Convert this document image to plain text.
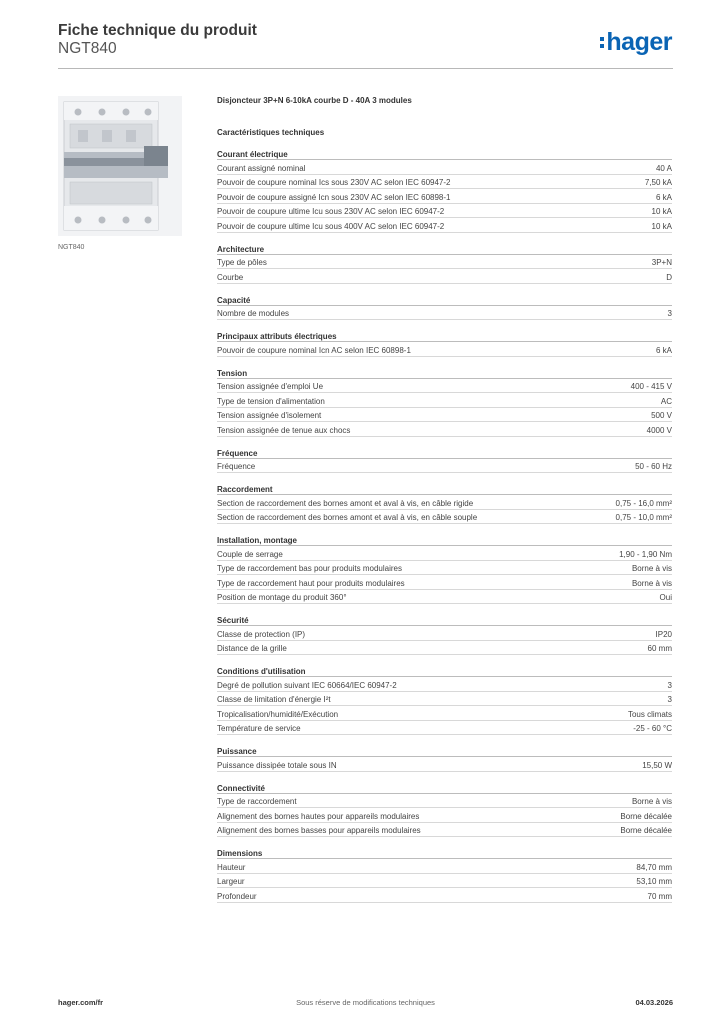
Fiche technique du produit
NGT840	hager
NGT840
Disjoncteur 3P+N 6-10kA courbe D - 40A 3 modules
Caractéristiques techniques
Courant électrique
Courant assigné nominal	40 A
Pouvoir de coupure nominal Ics sous 230V AC selon IEC 60947-2	7,50 kA
Pouvoir de coupure assigné Icn sous 230V AC selon IEC 60898-1	6 kA
Pouvoir de coupure ultime Icu sous 230V AC selon IEC 60947-2	10 kA
Pouvoir de coupure ultime Icu sous 400V AC selon IEC 60947-2	10 kA
Architecture
Type de pôles	3P+N
Courbe	D
Capacité
Nombre de modules	3
Principaux attributs électriques
Pouvoir de coupure nominal Icn AC selon IEC 60898-1	6 kA
Tension
Tension assignée d'emploi Ue	400 - 415 V
Type de tension d'alimentation	AC
Tension assignée d'isolement	500 V
Tension assignée de tenue aux chocs	4000 V
Fréquence
Fréquence	50 - 60 Hz
Raccordement
Section de raccordement des bornes amont et aval à vis, en câble rigide	0,75 - 16,0 mm²
Section de raccordement des bornes amont et aval à vis, en câble souple	0,75 - 10,0 mm²
Installation, montage
Couple de serrage	1,90 - 1,90 Nm
Type de raccordement bas pour produits modulaires	Borne à vis
Type de raccordement haut pour produits modulaires	Borne à vis
Position de montage du produit 360°	Oui
Sécurité
Classe de protection (IP)	IP20
Distance de la grille	60 mm
Conditions d'utilisation
Degré de pollution suivant IEC 60664/IEC 60947-2	3
Classe de limitation d'énergie I²t	3
Tropicalisation/humidité/Exécution	Tous climats
Température de service	-25 - 60 °C
Puissance
Puissance dissipée totale sous IN	15,50 W
Connectivité
Type de raccordement	Borne à vis
Alignement des bornes hautes pour appareils modulaires	Borne décalée
Alignement des bornes basses pour appareils modulaires	Borne décalée
Dimensions
Hauteur	84,70 mm
Largeur	53,10 mm
Profondeur	70 mm
hager.com/fr	Sous réserve de modifications techniques	04.03.2026
